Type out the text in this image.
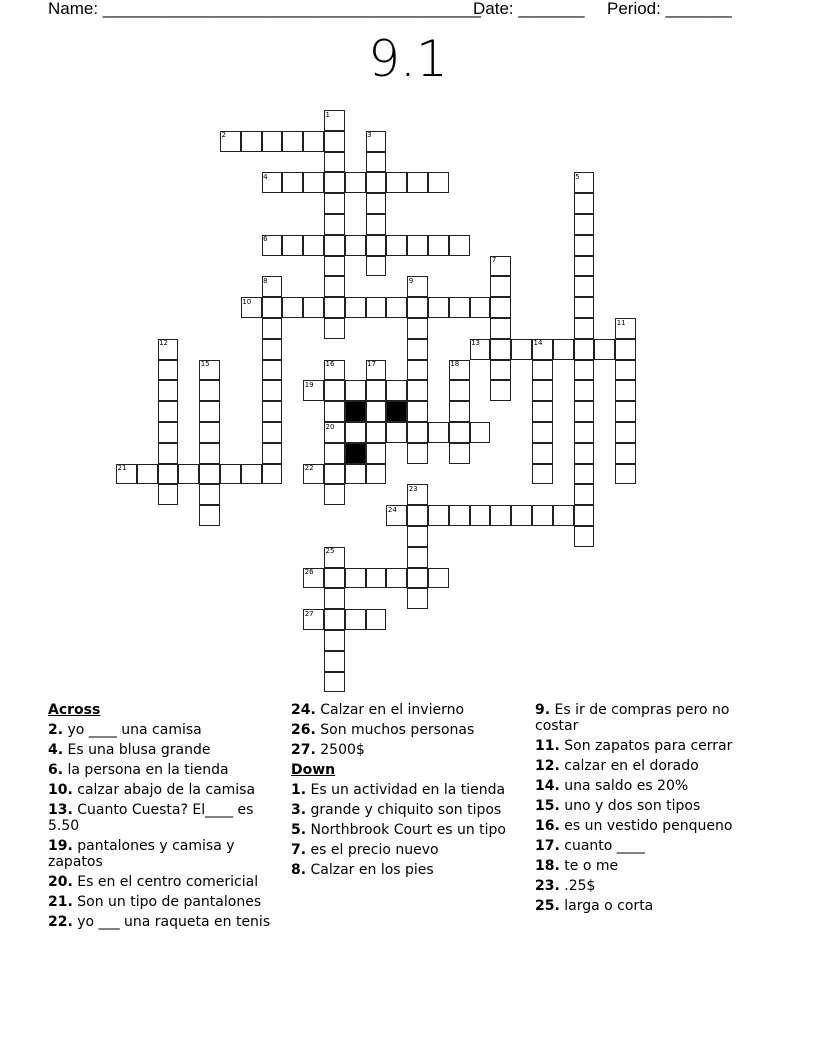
Name: ________________________________________
Date: _______ Period: _______
9.1
1
2	3
4	5
6
7
8	9
10
11
12	13	14
15	16	17	18
19
20
21	22
23
24
25
26
27
Across
2. yo ____ una camisa
4. Es una blusa grande
6. la persona en la tienda
10. calzar abajo de la camisa
13. Cuanto Cuesta? El____ es 5.50
19. pantalones y camisa y zapatos
20. Es en el centro comericial
21. Son un tipo de pantalones
22. yo ___ una raqueta en tenis
24. Calzar en el invierno
26. Son muchos personas
27. 2500$
Down
1. Es un actividad en la tienda
3. grande y chiquito son tipos
5. Northbrook Court es un tipo
7. es el precio nuevo
8. Calzar en los pies
9. Es ir de compras pero no costar
11. Son zapatos para cerrar
12. calzar en el dorado
14. una saldo es 20%
15. uno y dos son tipos
16. es un vestido penqueno
17. cuanto ____
18. te o me
23. .25$
25. larga o corta
